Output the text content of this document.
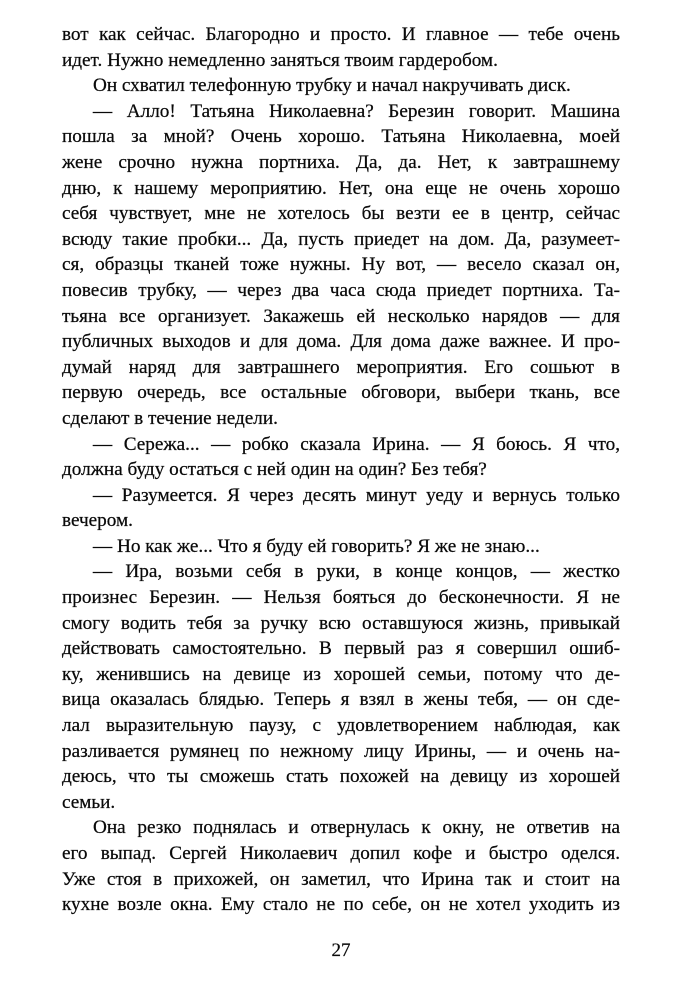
вот как сейчас. Благородно и просто. И главное — тебе очень
идет. Нужно немедленно заняться твоим гардеробом.
Он схватил телефонную трубку и начал накручивать диск.
— Алло! Татьяна Николаевна? Березин говорит. Машина
пошла за мной? Очень хорошо. Татьяна Николаевна, моей
жене срочно нужна портниха. Да, да. Нет, к завтрашнему
дню, к нашему мероприятию. Нет, она еще не очень хорошо
себя чувствует, мне не хотелось бы везти ее в центр, сейчас
всюду такие пробки... Да, пусть приедет на дом. Да, разумеет-
ся, образцы тканей тоже нужны. Ну вот, — весело сказал он,
повесив трубку, — через два часа сюда приедет портниха. Та-
тьяна все организует. Закажешь ей несколько нарядов — для
публичных выходов и для дома. Для дома даже важнее. И про-
думай наряд для завтрашнего мероприятия. Его сошьют в
первую очередь, все остальные обговори, выбери ткань, все
сделают в течение недели.
— Сережа... — робко сказала Ирина. — Я боюсь. Я что,
должна буду остаться с ней один на один? Без тебя?
— Разумеется. Я через десять минут уеду и вернусь только
вечером.
— Но как же... Что я буду ей говорить? Я же не знаю...
— Ира, возьми себя в руки, в конце концов, — жестко
произнес Березин. — Нельзя бояться до бесконечности. Я не
смогу водить тебя за ручку всю оставшуюся жизнь, привыкай
действовать самостоятельно. В первый раз я совершил ошиб-
ку, женившись на девице из хорошей семьи, потому что де-
вица оказалась блядью. Теперь я взял в жены тебя, — он сде-
лал выразительную паузу, с удовлетворением наблюдая, как
разливается румянец по нежному лицу Ирины, — и очень на-
деюсь, что ты сможешь стать похожей на девицу из хорошей
семьи.
Она резко поднялась и отвернулась к окну, не ответив на
его выпад. Сергей Николаевич допил кофе и быстро оделся.
Уже стоя в прихожей, он заметил, что Ирина так и стоит на
кухне возле окна. Ему стало не по себе, он не хотел уходить из
27
